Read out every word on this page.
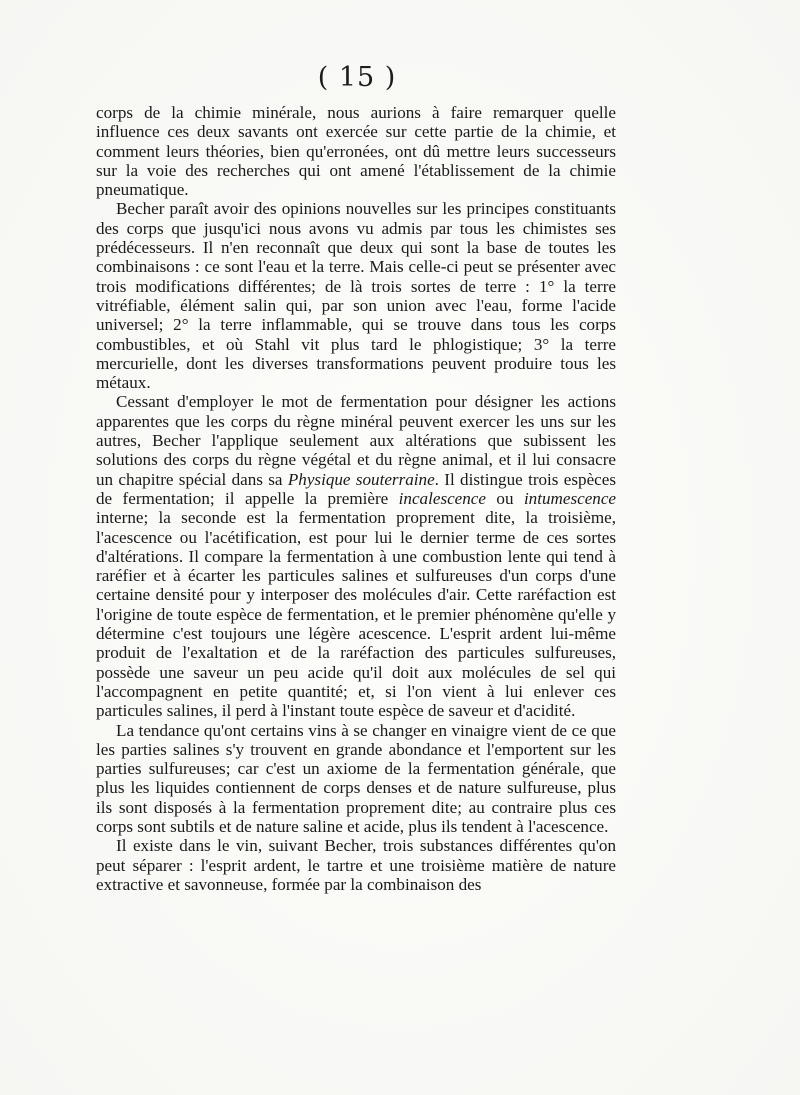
( 15 )

corps de la chimie minérale, nous aurions à faire remarquer quelle influence ces deux savants ont exercée sur cette partie de la chimie, et comment leurs théories, bien qu'erronées, ont dû mettre leurs successeurs sur la voie des recherches qui ont amené l'établissement de la chimie pneumatique.

Becher paraît avoir des opinions nouvelles sur les principes constituants des corps que jusqu'ici nous avons vu admis par tous les chimistes ses prédécesseurs. Il n'en reconnaît que deux qui sont la base de toutes les combinaisons : ce sont l'eau et la terre. Mais celle-ci peut se présenter avec trois modifications différentes; de là trois sortes de terre : 1° la terre vitréfiable, élément salin qui, par son union avec l'eau, forme l'acide universel; 2° la terre inflammable, qui se trouve dans tous les corps combustibles, et où Stahl vit plus tard le phlogistique; 3° la terre mercurielle, dont les diverses transformations peuvent produire tous les métaux.

Cessant d'employer le mot de fermentation pour désigner les actions apparentes que les corps du règne minéral peuvent exercer les uns sur les autres, Becher l'applique seulement aux altérations que subissent les solutions des corps du règne végétal et du règne animal, et il lui consacre un chapitre spécial dans sa Physique souterraine. Il distingue trois espèces de fermentation; il appelle la première incalescence ou intumescence interne; la seconde est la fermentation proprement dite, la troisième, l'acescence ou l'acétification, est pour lui le dernier terme de ces sortes d'altérations. Il compare la fermentation à une combustion lente qui tend à raréfier et à écarter les particules salines et sulfureuses d'un corps d'une certaine densité pour y interposer des molécules d'air. Cette raréfaction est l'origine de toute espèce de fermentation, et le premier phénomène qu'elle y détermine c'est toujours une légère acescence. L'esprit ardent lui-même produit de l'exaltation et de la raréfaction des particules sulfureuses, possède une saveur un peu acide qu'il doit aux molécules de sel qui l'accompagnent en petite quantité; et, si l'on vient à lui enlever ces particules salines, il perd à l'instant toute espèce de saveur et d'acidité.

La tendance qu'ont certains vins à se changer en vinaigre vient de ce que les parties salines s'y trouvent en grande abondance et l'emportent sur les parties sulfureuses; car c'est un axiome de la fermentation générale, que plus les liquides contiennent de corps denses et de nature sulfureuse, plus ils sont disposés à la fermentation proprement dite; au contraire plus ces corps sont subtils et de nature saline et acide, plus ils tendent à l'acescence.

Il existe dans le vin, suivant Becher, trois substances différentes qu'on peut séparer : l'esprit ardent, le tartre et une troisième matière de nature extractive et savonneuse, formée par la combinaison des
